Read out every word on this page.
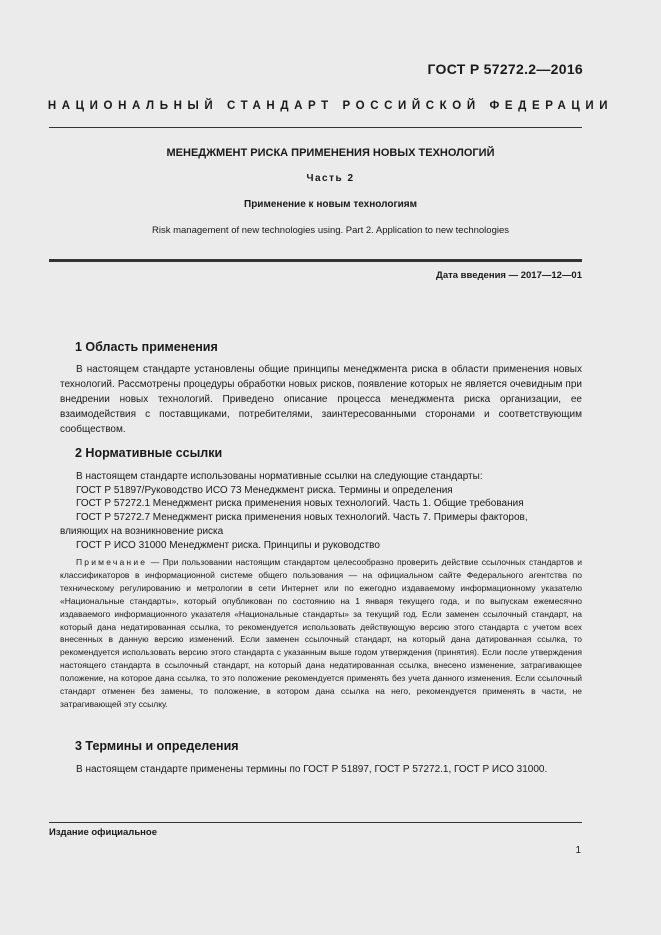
ГОСТ Р 57272.2—2016
НАЦИОНАЛЬНЫЙ СТАНДАРТ РОССИЙСКОЙ ФЕДЕРАЦИИ
МЕНЕДЖМЕНТ РИСКА ПРИМЕНЕНИЯ НОВЫХ ТЕХНОЛОГИЙ
Часть 2
Применение к новым технологиям
Risk management of new technologies using. Part 2. Application to new technologies
Дата введения — 2017—12—01
1 Область применения

В настоящем стандарте установлены общие принципы менеджмента риска в области применения новых технологий. Рассмотрены процедуры обработки новых рисков, появление которых не является очевидным при внедрении новых технологий. Приведено описание процесса менеджмента риска организации, ее взаимодействия с поставщиками, потребителями, заинтересованными сторонами и соответствующим сообществом.

2 Нормативные ссылки
В настоящем стандарте использованы нормативные ссылки на следующие стандарты:
ГОСТ Р 51897/Руководство ИСО 73 Менеджмент риска. Термины и определения
ГОСТ Р 57272.1 Менеджмент риска применения новых технологий. Часть 1. Общие требования
ГОСТ Р 57272.7 Менеджмент риска применения новых технологий. Часть 7. Примеры факторов,
влияющих на возникновение риска
ГОСТ Р ИСО 31000 Менеджмент риска. Принципы и руководство

Примечание — При пользовании настоящим стандартом целесообразно проверить действие ссылочных стандартов и классификаторов в информационной системе общего пользования — на официальном сайте Федерального агентства по техническому регулированию и метрологии в сети Интернет или по ежегодно издаваемому информационному указателю «Национальные стандарты», который опубликован по состоянию на 1 января текущего года, и по выпускам ежемесячно издаваемого информационного указателя «Национальные стандарты» за текущий год. Если заменен ссылочный стандарт, на который дана недатированная ссылка, то рекомендуется использовать действующую версию этого стандарта с учетом всех внесенных в данную версию изменений. Если заменен ссылочный стандарт, на который дана датированная ссылка, то рекомендуется использовать версию этого стандарта с указанным выше годом утверждения (принятия). Если после утверждения настоящего стандарта в ссылочный стандарт, на который дана недатированная ссылка, внесено изменение, затрагивающее положение, на которое дана ссылка, то это положение рекомендуется применять без учета данного изменения. Если ссылочный стандарт отменен без замены, то положение, в котором дана ссылка на него, рекомендуется применять в части, не затрагивающей эту ссылку.

3 Термины и определения

В настоящем стандарте применены термины по ГОСТ Р 51897, ГОСТ Р 57272.1, ГОСТ Р ИСО 31000.

Издание официальное
1
